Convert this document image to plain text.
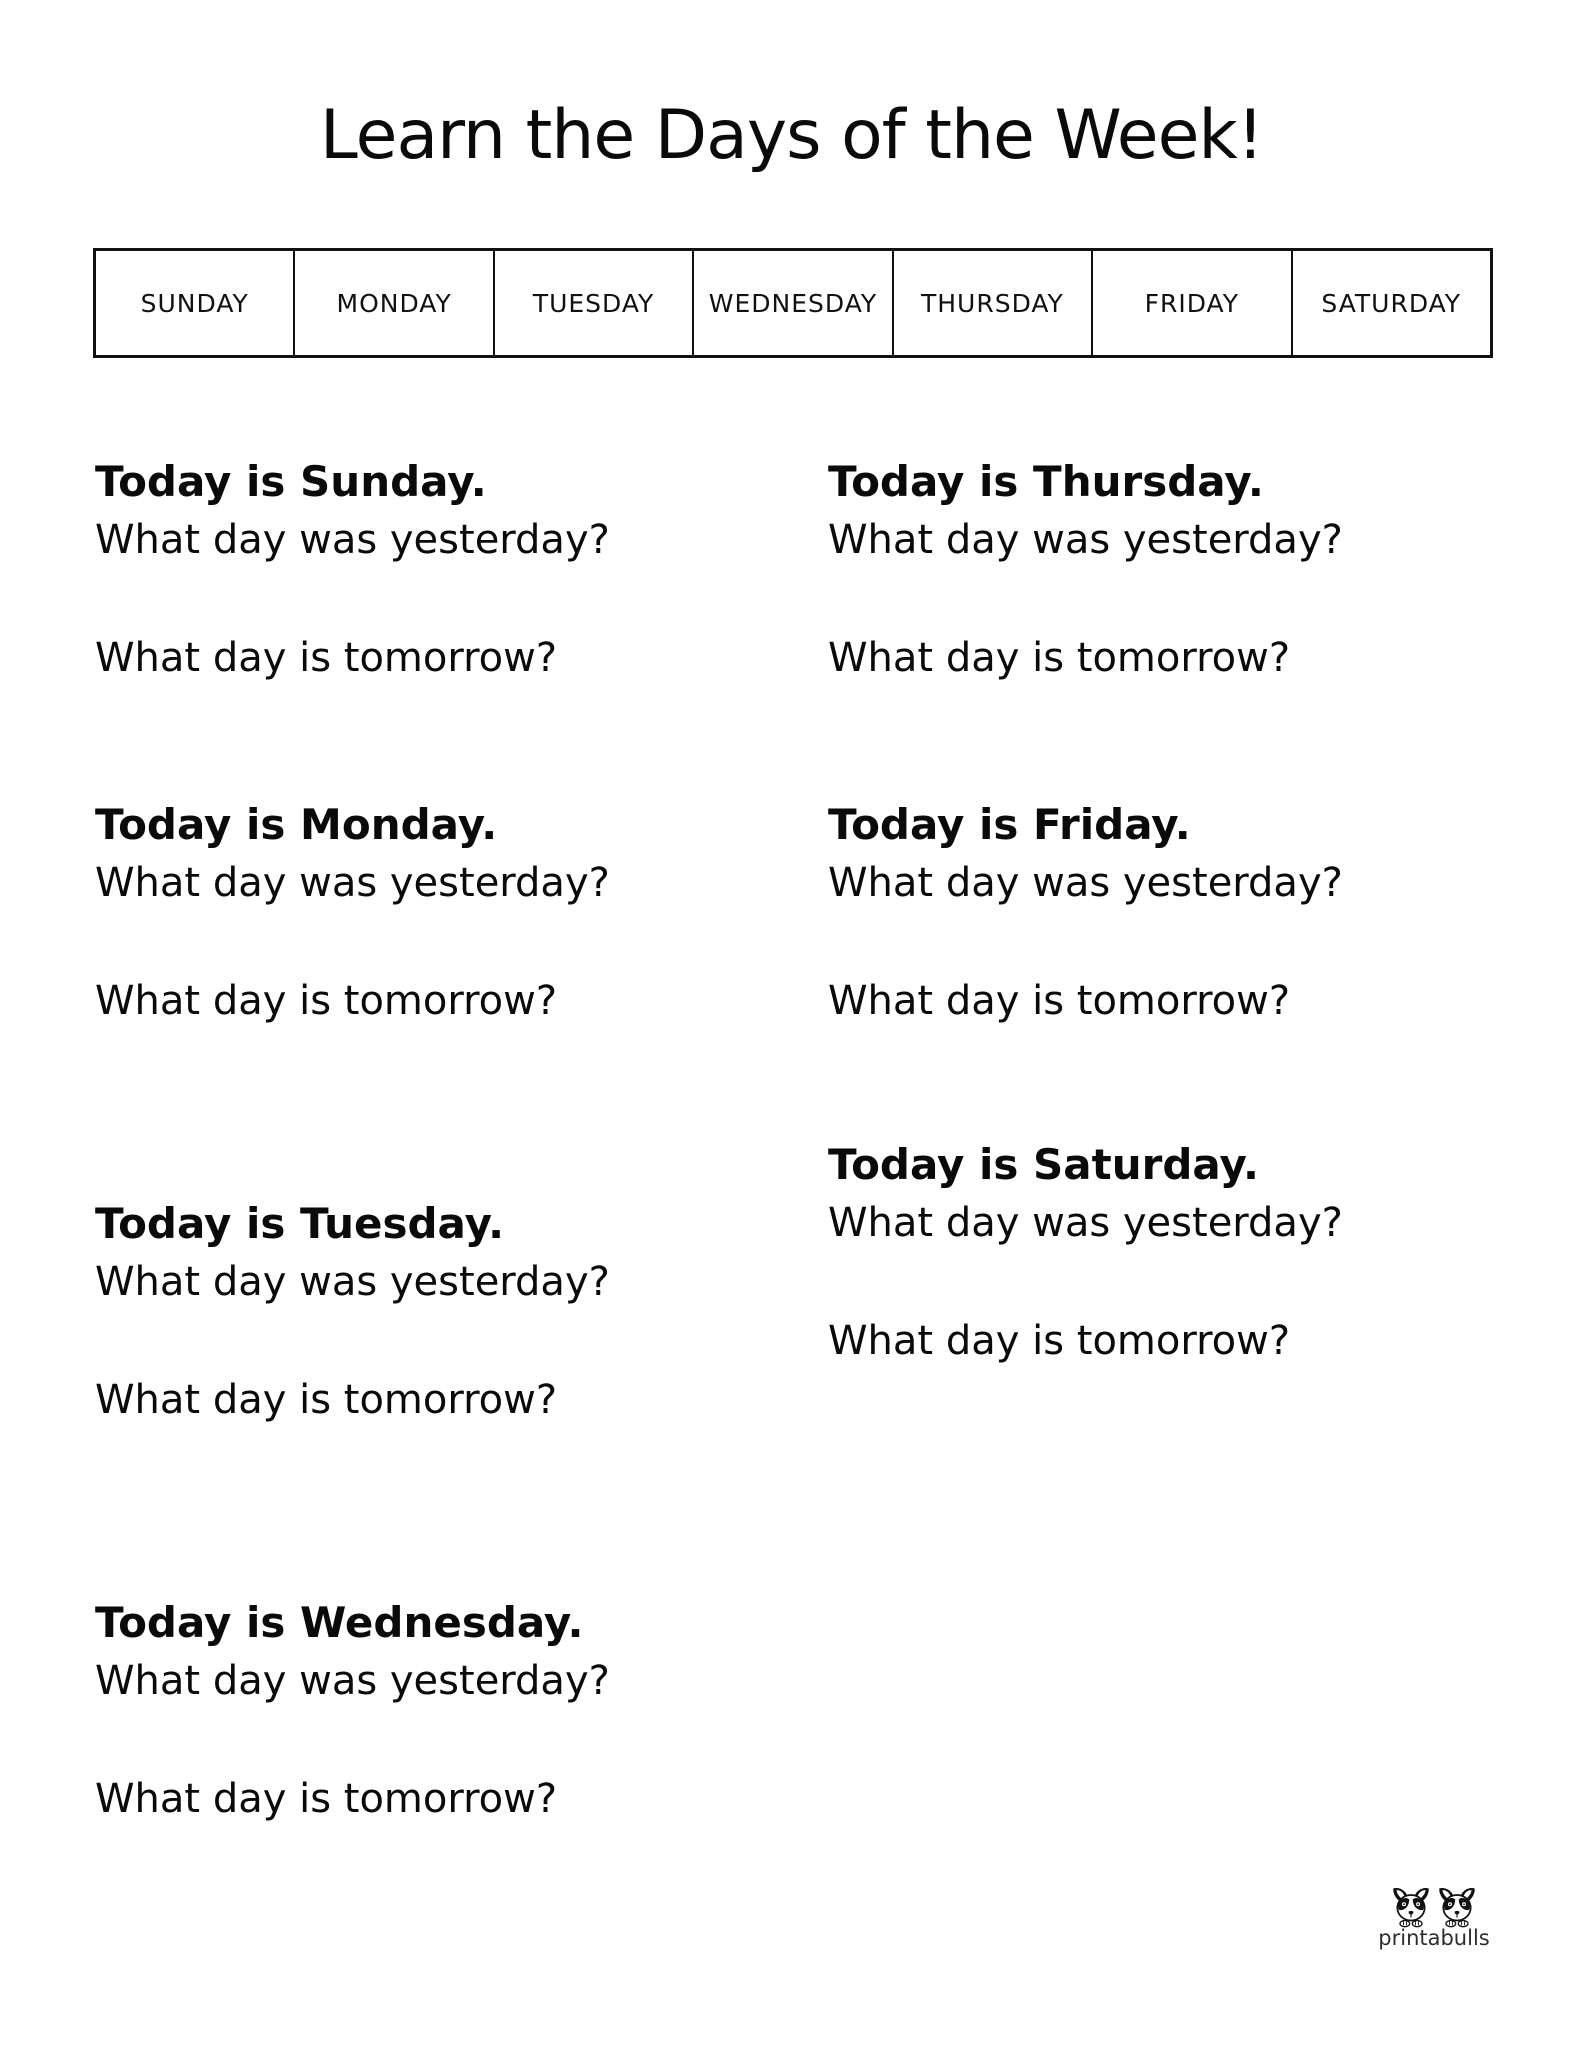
Learn the Days of the Week!
SUNDAY	MONDAY	TUESDAY	WEDNESDAY	THURSDAY	FRIDAY	SATURDAY
Today is Sunday.
What day was yesterday?
What day is tomorrow?
Today is Monday.
What day was yesterday?
What day is tomorrow?
Today is Tuesday.
What day was yesterday?
What day is tomorrow?
Today is Wednesday.
What day was yesterday?
What day is tomorrow?
Today is Thursday.
What day was yesterday?
What day is tomorrow?
Today is Friday.
What day was yesterday?
What day is tomorrow?
Today is Saturday.
What day was yesterday?
What day is tomorrow?
printabulls
